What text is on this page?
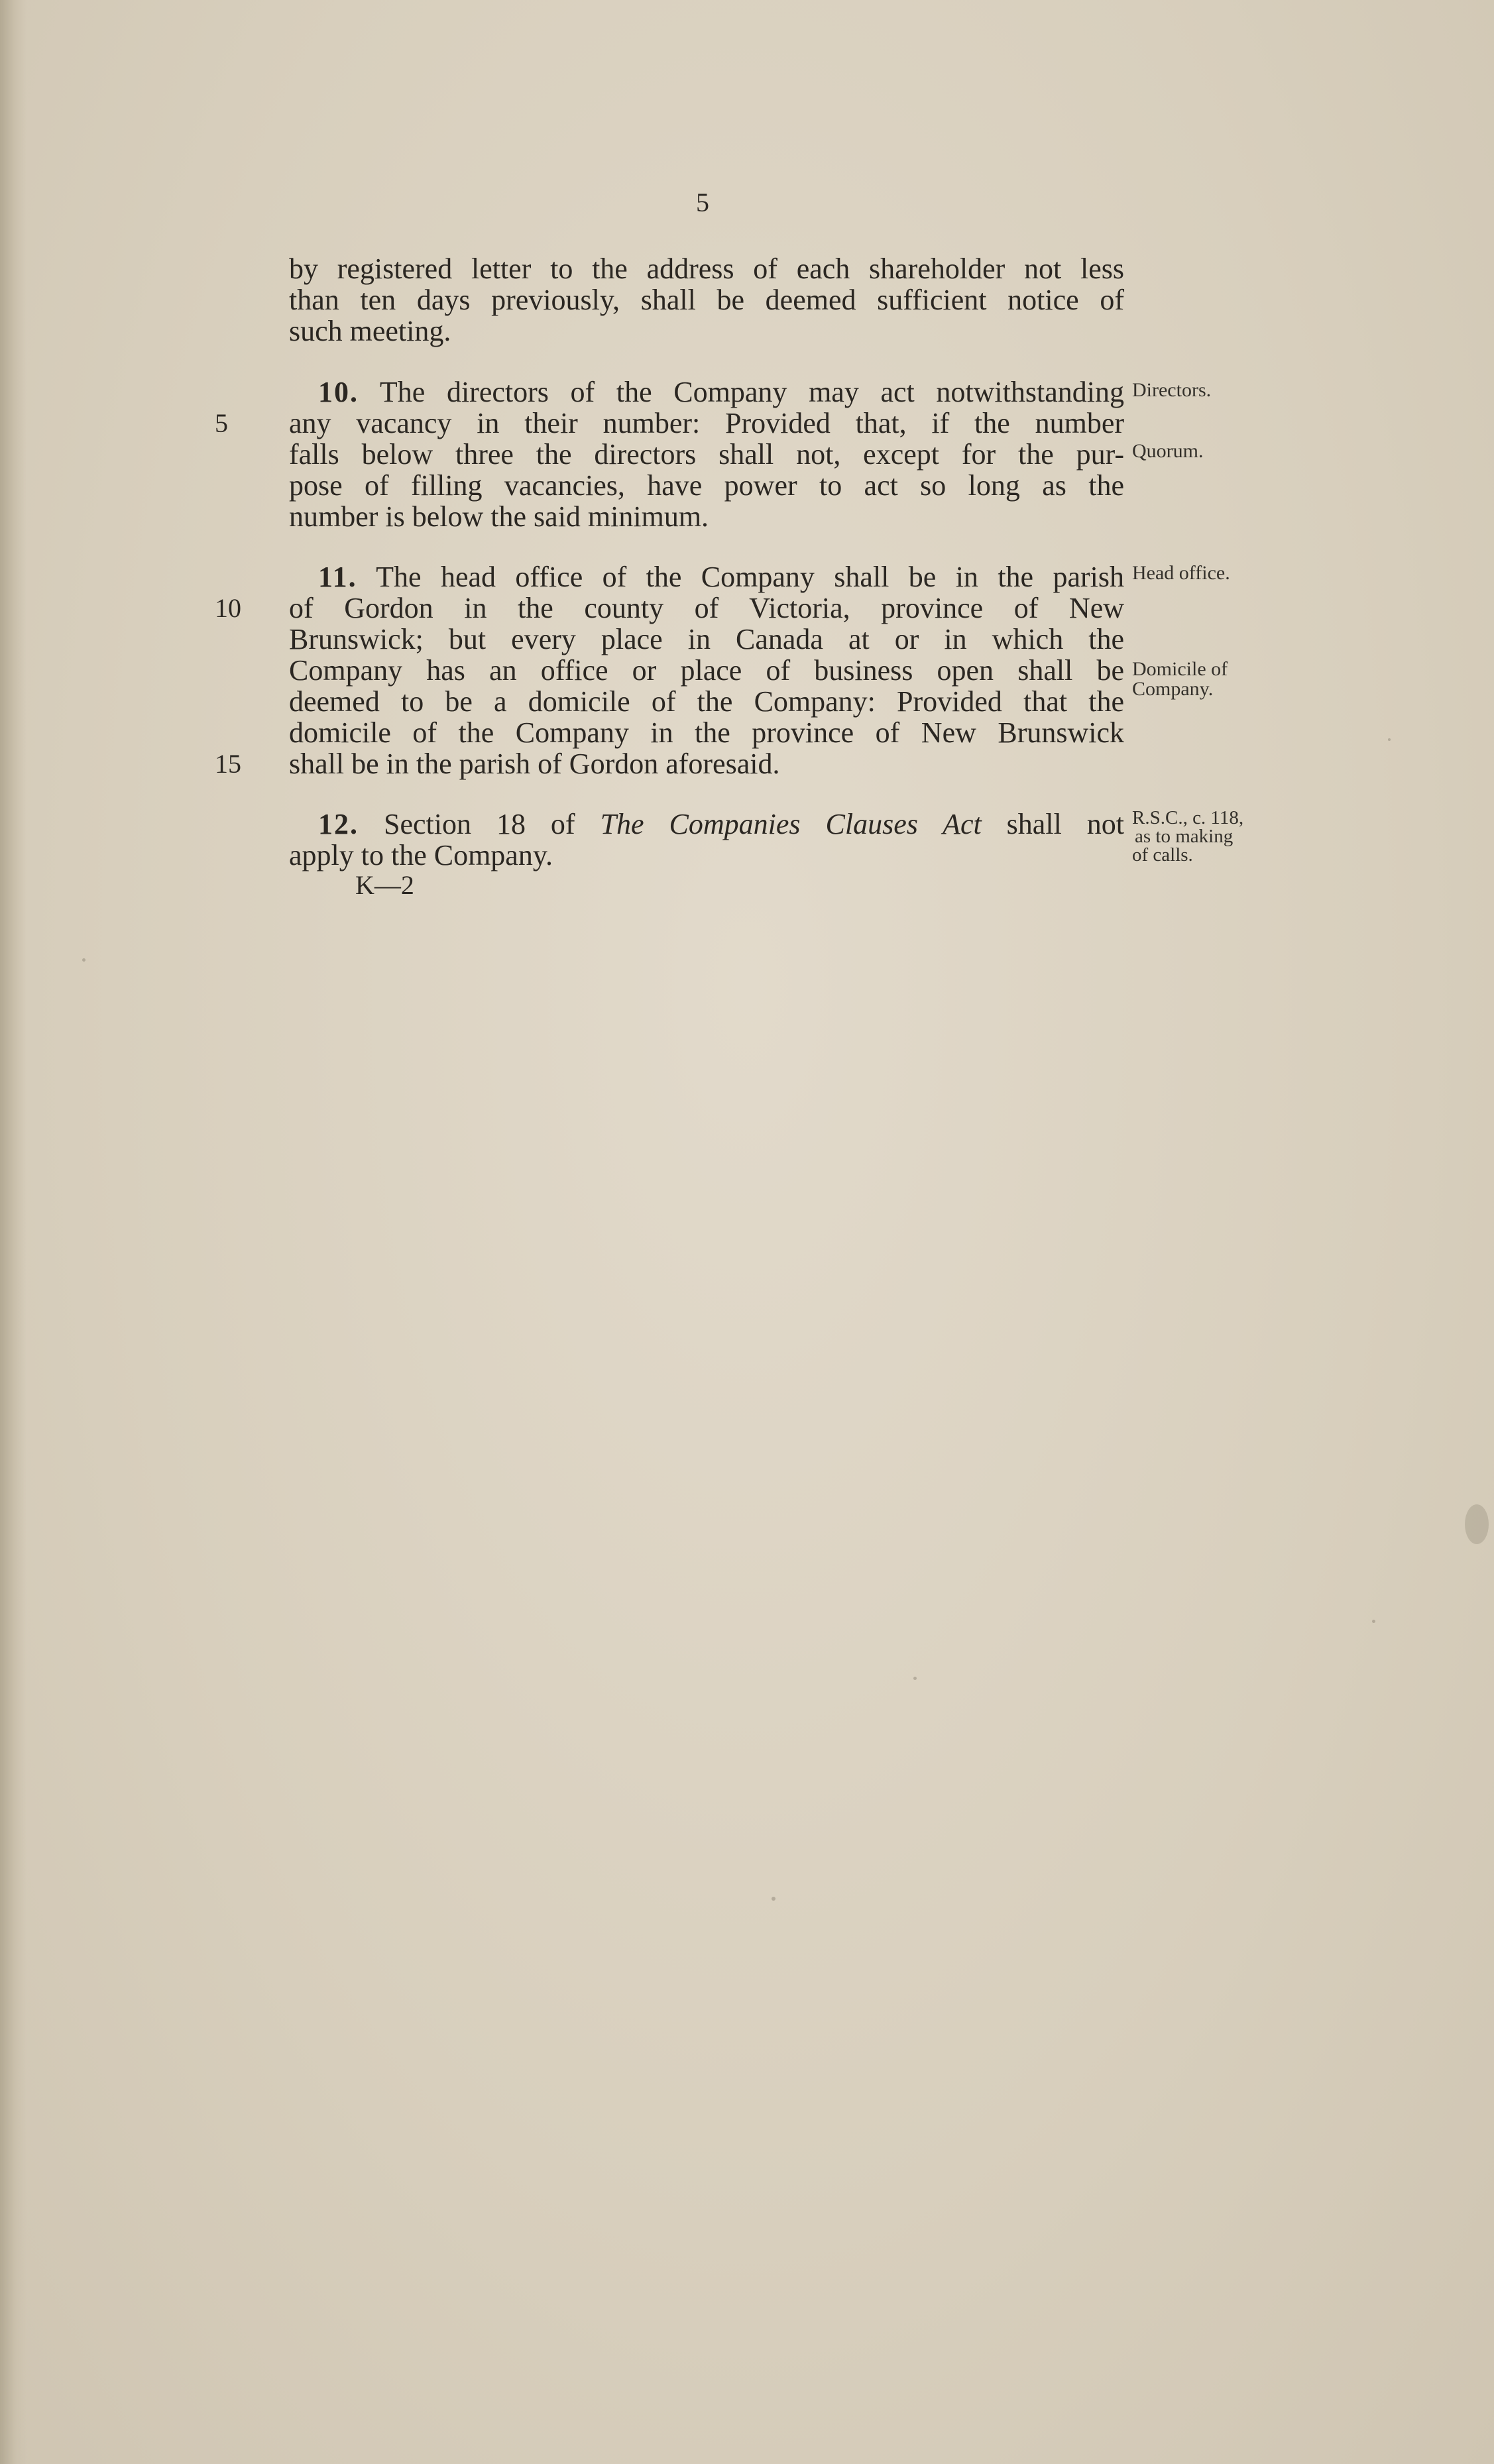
5
by registered letter to the address of each shareholder not less
than ten days previously, shall be deemed sufficient notice of
such meeting.
10. The directors of the Company may act notwithstanding
5	any vacancy in their number: Provided that, if the number
falls below three the directors shall not, except for the pur-
pose of filling vacancies, have power to act so long as the
number is below the said minimum.
Directors.
Quorum.
11. The head office of the Company shall be in the parish
10	of Gordon in the county of Victoria, province of New
Brunswick; but every place in Canada at or in which the
Company has an office or place of business open shall be
deemed to be a domicile of the Company: Provided that the
domicile of the Company in the province of New Brunswick
15	shall be in the parish of Gordon aforesaid.
Head office.
Domicile of
Company.
12. Section 18 of The Companies Clauses Act shall not
apply to the Company.
R.S.C., c. 118,
as to making
of calls.
K—2
